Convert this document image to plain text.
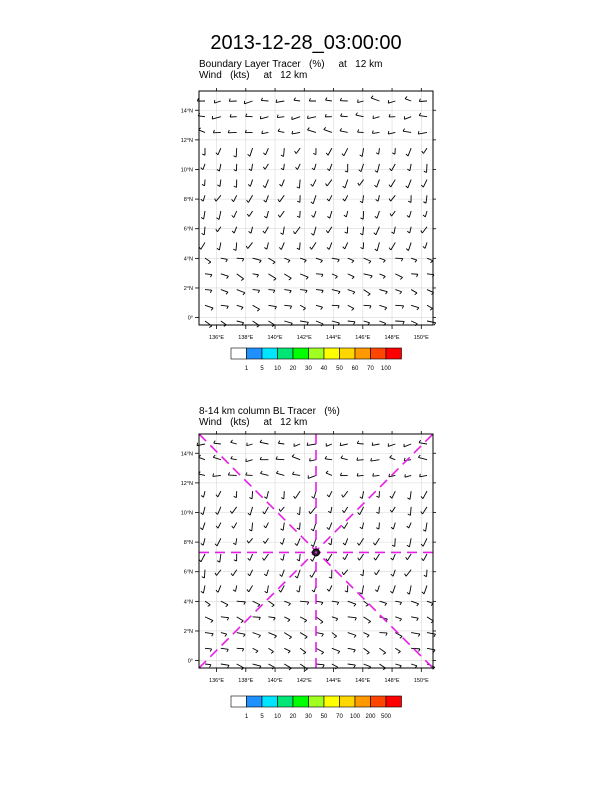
2013-12-28_03:00:00
Boundary Layer Tracer   (%)     at   12 km
Wind   (kts)     at   12 km
8-14 km column BL Tracer   (%)
Wind   (kts)     at   12 km
136°E	138°E	140°E	142°E	144°E	146°E	148°E	150°E
0°
2°N
4°N
6°N
8°N
10°N
12°N
14°N
1 5 10 20 30 40 50 60 70 100
136°E	138°E	140°E	142°E	144°E	146°E	148°E	150°E
0°
2°N
4°N
6°N
8°N
10°N
12°N
14°N
1 5 10 20 30 50 70 100 200 500
